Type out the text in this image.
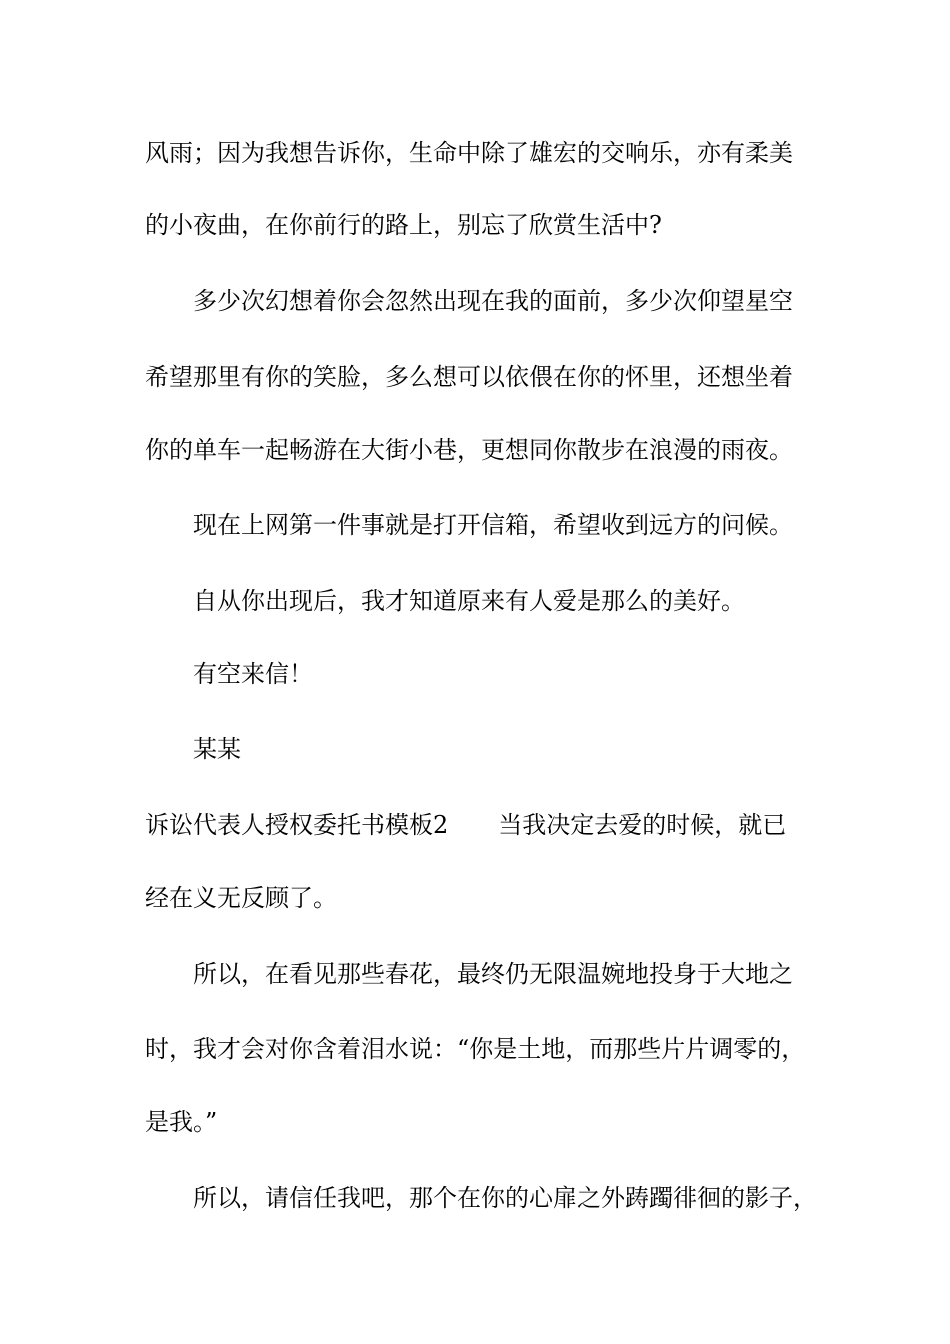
风雨；因为我想告诉你，生命中除了雄宏的交响乐，亦有柔美
的小夜曲，在你前行的路上，别忘了欣赏生活中?
多少次幻想着你会忽然出现在我的面前，多少次仰望星空
希望那里有你的笑脸，多么想可以依偎在你的怀里，还想坐着
你的单车一起畅游在大街小巷，更想同你散步在浪漫的雨夜。
现在上网第一件事就是打开信箱，希望收到远方的问候。
自从你出现后，我才知道原来有人爱是那么的美好。
有空来信！
某某
诉讼代表人授权委托书模板2 当我决定去爱的时候，就已
经在义无反顾了。
所以，在看见那些春花，最终仍无限温婉地投身于大地之
时，我才会对你含着泪水说：“你是土地，而那些片片调零的，
是我。”
所以，请信任我吧，那个在你的心扉之外踌躅徘徊的影子，
